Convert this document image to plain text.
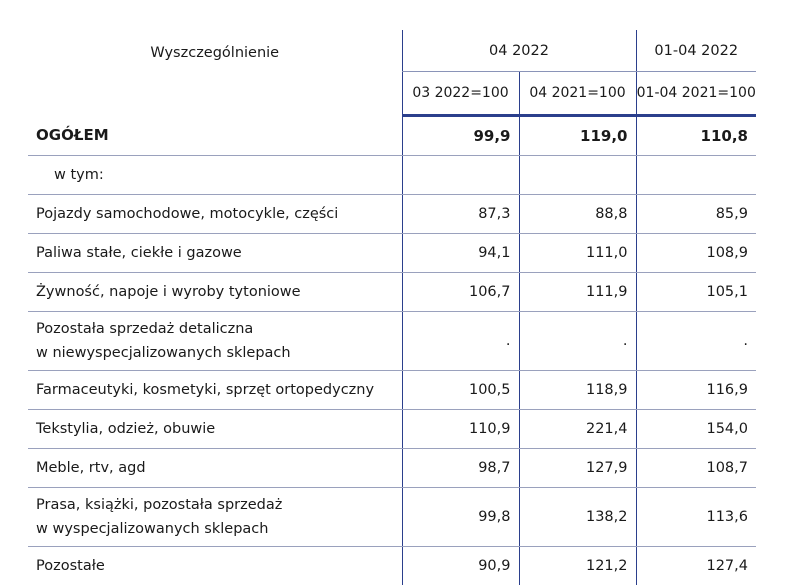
Wyszczególnienie	04 2022		01-04 2022
	03 2022=100	04 2021=100	01-04 2021=100
OGÓŁEM	99,9	119,0	110,8
w tym:			
Pojazdy samochodowe, motocykle, części	87,3	88,8	85,9
Paliwa stałe, ciekłe i gazowe	94,1	111,0	108,9
Żywność, napoje i wyroby tytoniowe	106,7	111,9	105,1
Pozostała sprzedaż detaliczna
w niewyspecjalizowanych sklepach	.	.	.
Farmaceutyki, kosmetyki, sprzęt ortopedyczny	100,5	118,9	116,9
Tekstylia, odzież, obuwie	110,9	221,4	154,0
Meble, rtv, agd	98,7	127,9	108,7
Prasa, książki, pozostała sprzedaż
w wyspecjalizowanych sklepach	99,8	138,2	113,6
Pozostałe	90,9	121,2	127,4
